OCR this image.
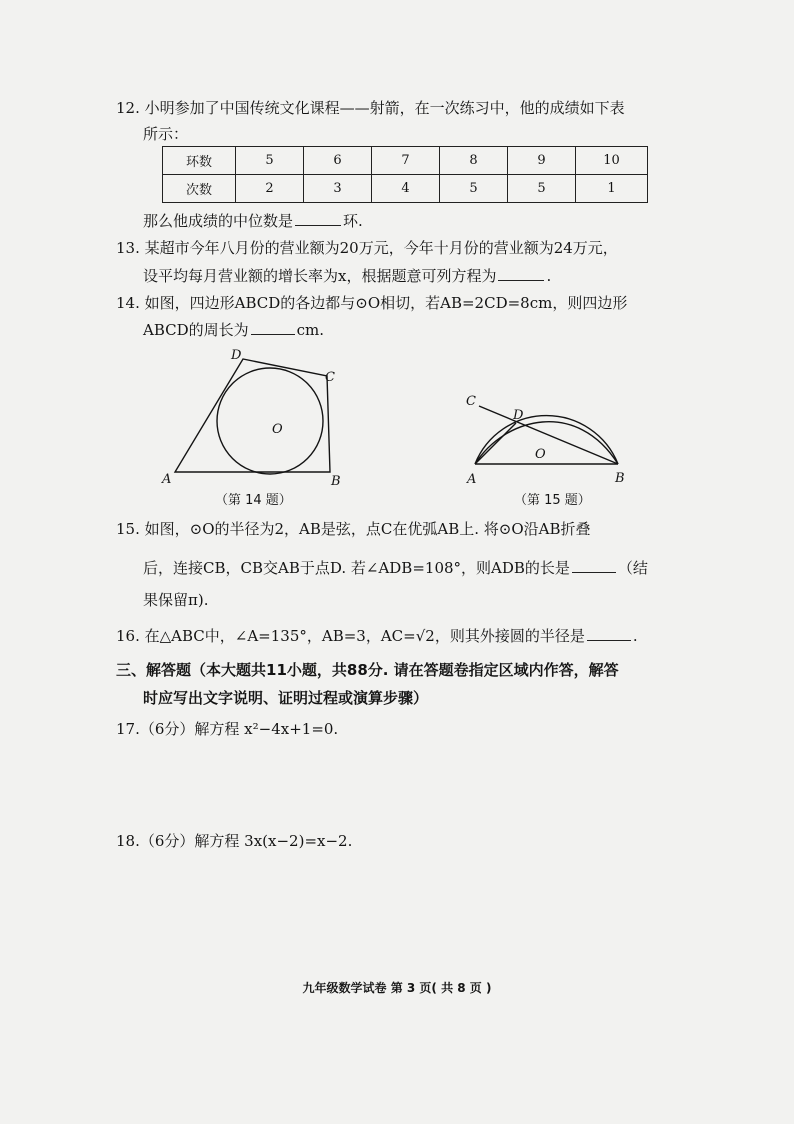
12. 小明参加了中国传统文化课程——射箭，在一次练习中，他的成绩如下表
所示：
环数	5	6	7	8	9	10
次数	2	3	4	5	5	1
那么他成绩的中位数是	环.
13. 某超市今年八月份的营业额为20万元，今年十月份的营业额为24万元，
设平均每月营业额的增长率为x，根据题意可列方程为	.
14. 如图，四边形ABCD的各边都与⊙O相切，若AB=2CD=8cm，则四边形
ABCD的周长为	cm.
A	B
C
D
O
（第 14 题）
A	B
C
D
O
（第 15 题）
15. 如图，⊙O的半径为2，AB是弦，点C在优弧AB上. 将⊙O沿AB折叠
后，连接CB，CB交AB于点D. 若∠ADB=108°，则ADB的长是	（结
果保留π).
16. 在△ABC中，∠A=135°，AB=3，AC=√2，则其外接圆的半径是	.
三、解答题（本大题共11小题，共88分. 请在答题卷指定区域内作答，解答
时应写出文字说明、证明过程或演算步骤）
17.（6分）解方程 x²−4x+1=0.
18.（6分）解方程 3x(x−2)=x−2.
九年级数学试卷 第 3 页( 共 8 页 )
